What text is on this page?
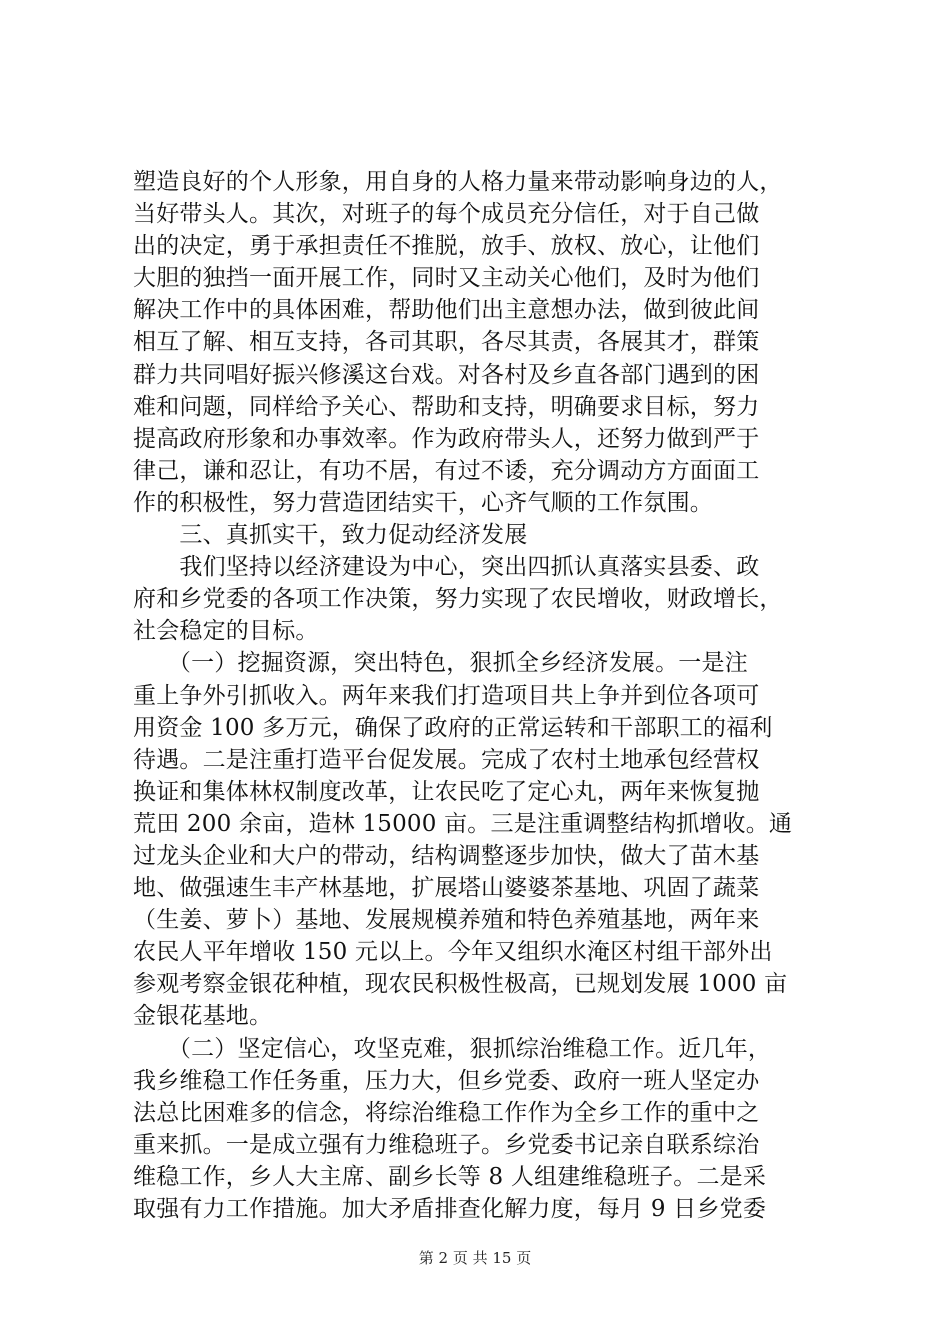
塑造良好的个人形象，用自身的人格力量来带动影响身边的人，
当好带头人。其次，对班子的每个成员充分信任，对于自己做
出的决定，勇于承担责任不推脱，放手、放权、放心，让他们
大胆的独挡一面开展工作，同时又主动关心他们，及时为他们
解决工作中的具体困难，帮助他们出主意想办法，做到彼此间
相互了解、相互支持，各司其职，各尽其责，各展其才，群策
群力共同唱好振兴修溪这台戏。对各村及乡直各部门遇到的困
难和问题，同样给予关心、帮助和支持，明确要求目标，努力
提高政府形象和办事效率。作为政府带头人，还努力做到严于
律己，谦和忍让，有功不居，有过不诿，充分调动方方面面工
作的积极性，努力营造团结实干，心齐气顺的工作氛围。
　　三、真抓实干，致力促动经济发展
　　我们坚持以经济建设为中心，突出四抓认真落实县委、政
府和乡党委的各项工作决策，努力实现了农民增收，财政增长，
社会稳定的目标。
　　（一）挖掘资源，突出特色，狠抓全乡经济发展。一是注
重上争外引抓收入。两年来我们打造项目共上争并到位各项可
用资金 100 多万元，确保了政府的正常运转和干部职工的福利
待遇。二是注重打造平台促发展。完成了农村土地承包经营权
换证和集体林权制度改革，让农民吃了定心丸，两年来恢复抛
荒田 200 余亩，造林 15000 亩。三是注重调整结构抓增收。通
过龙头企业和大户的带动，结构调整逐步加快，做大了苗木基
地、做强速生丰产林基地，扩展塔山婆婆茶基地、巩固了蔬菜
（生姜、萝卜）基地、发展规模养殖和特色养殖基地，两年来
农民人平年增收 150 元以上。今年又组织水淹区村组干部外出
参观考察金银花种植，现农民积极性极高，已规划发展 1000 亩
金银花基地。
　　（二）坚定信心，攻坚克难，狠抓综治维稳工作。近几年，
我乡维稳工作任务重，压力大，但乡党委、政府一班人坚定办
法总比困难多的信念，将综治维稳工作作为全乡工作的重中之
重来抓。一是成立强有力维稳班子。乡党委书记亲自联系综治
维稳工作，乡人大主席、副乡长等 8 人组建维稳班子。二是采
取强有力工作措施。加大矛盾排查化解力度，每月 9 日乡党委
第 2 页 共 15 页
